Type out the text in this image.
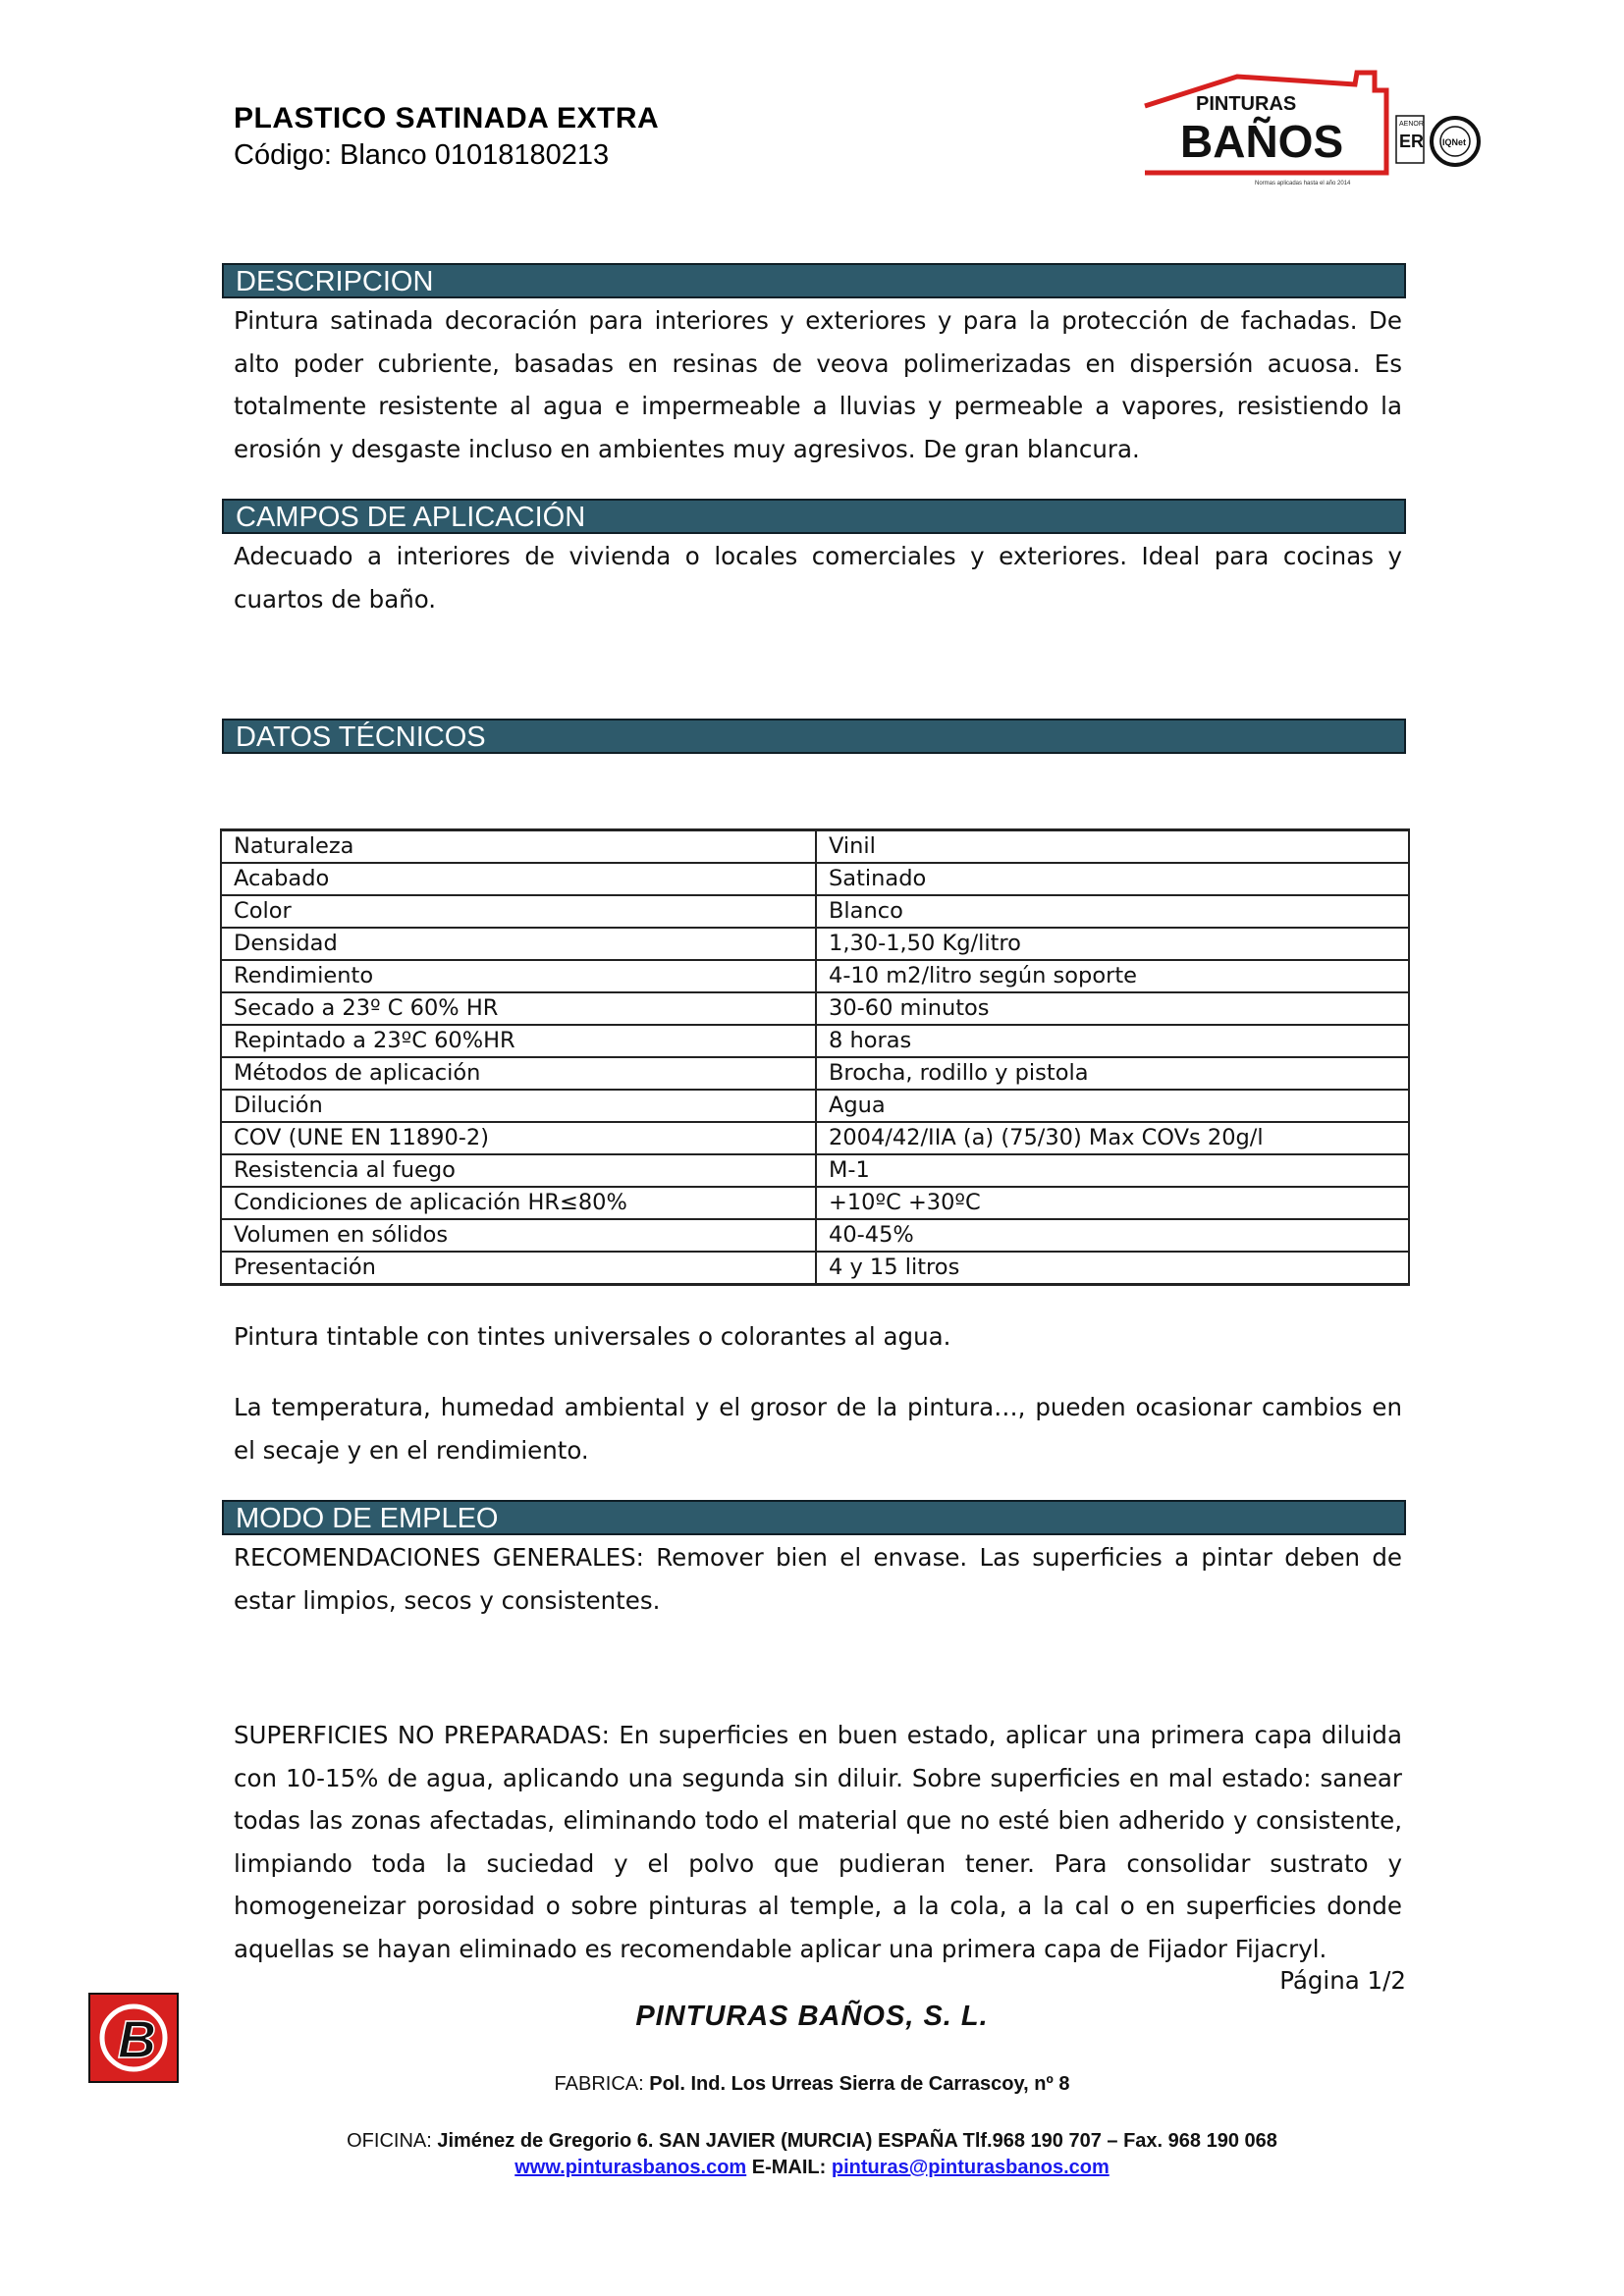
PLASTICO SATINADA EXTRA
Código: Blanco 01018180213
PINTURAS
BAÑOS
Normas aplicadas hasta el año 2014
AENOR
ER IQNet
DESCRIPCION
Pintura satinada decoración para interiores y exteriores y para la protección de fachadas. De alto poder cubriente, basadas en resinas de veova polimerizadas en dispersión acuosa. Es totalmente resistente al agua e impermeable a lluvias y permeable a vapores, resistiendo la erosión y desgaste incluso en ambientes muy agresivos. De gran blancura.
CAMPOS DE APLICACIÓN
Adecuado a interiores de vivienda o locales comerciales y exteriores. Ideal para cocinas y cuartos de baño.
DATOS TÉCNICOS
Naturaleza	Vinil
Acabado	Satinado
Color	Blanco
Densidad	1,30-1,50 Kg/litro
Rendimiento	4-10 m2/litro según soporte
Secado a 23º C 60% HR	30-60 minutos
Repintado a 23ºC 60%HR	8 horas
Métodos de aplicación	Brocha, rodillo y pistola
Dilución	Agua
COV (UNE EN 11890-2)	2004/42/IIA (a) (75/30) Max COVs 20g/l
Resistencia al fuego	M-1
Condiciones de aplicación HR≤80%	+10ºC +30ºC
Volumen en sólidos	40-45%
Presentación	4 y 15 litros
Pintura tintable con tintes universales o colorantes al agua.
La temperatura, humedad ambiental y el grosor de la pintura…, pueden ocasionar cambios en el secaje y en el rendimiento.
MODO DE EMPLEO
RECOMENDACIONES GENERALES: Remover bien el envase. Las superficies a pintar deben de estar limpios, secos y consistentes.
SUPERFICIES NO PREPARADAS: En superficies en buen estado, aplicar una primera capa diluida con 10-15% de agua, aplicando una segunda sin diluir. Sobre superficies en mal estado: sanear todas las zonas afectadas, eliminando todo el material que no esté bien adherido y consistente, limpiando toda la suciedad y el polvo que pudieran tener. Para consolidar sustrato y homogeneizar porosidad o sobre pinturas al temple, a la cola, a la cal o en superficies donde aquellas se hayan eliminado es recomendable aplicar una primera capa de Fijador Fijacryl.
Página 1/2
B	PINTURAS BAÑOS, S. L.
FABRICA: Pol. Ind. Los Urreas Sierra de Carrascoy, nº 8
OFICINA: Jiménez de Gregorio 6. SAN JAVIER (MURCIA) ESPAÑA Tlf.968 190 707 – Fax. 968 190 068
www.pinturasbanos.com E-MAIL: pinturas@pinturasbanos.com
